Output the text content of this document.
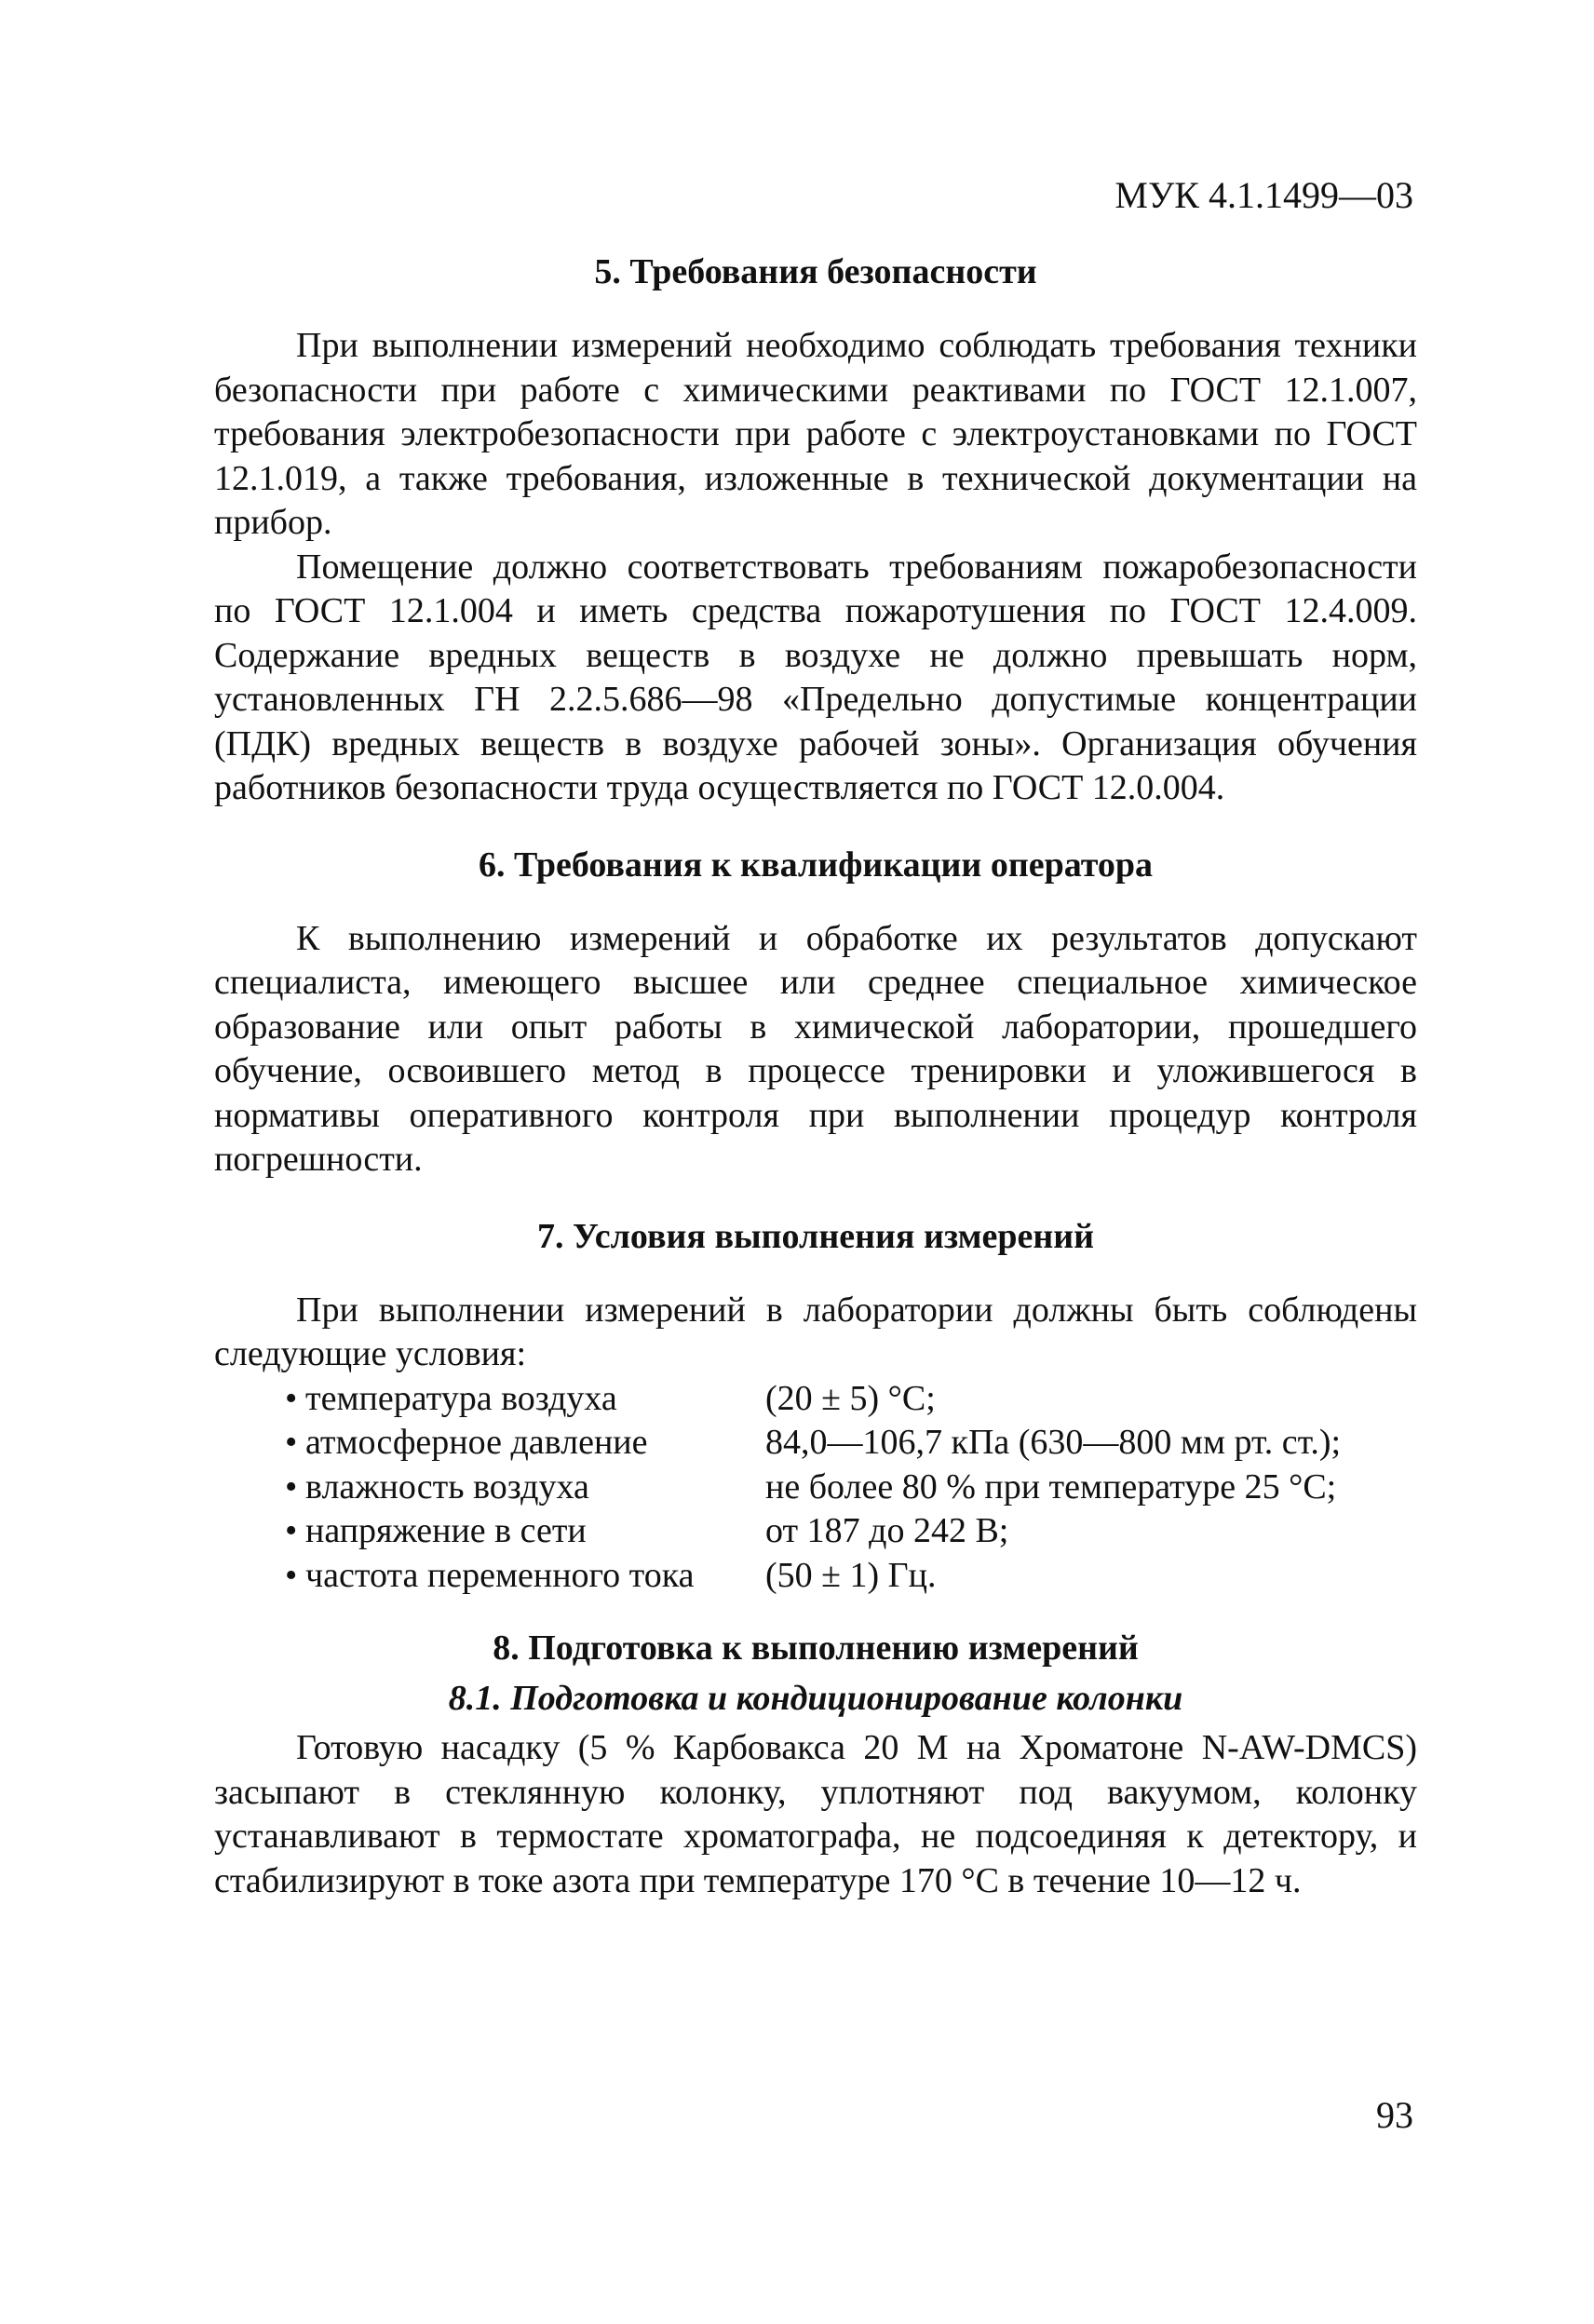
МУК 4.1.1499—03
5. Требования безопасности

При выполнении измерений необходимо соблюдать требования техники безопасности при работе с химическими реактивами по ГОСТ 12.1.007, требования электробезопасности при работе с электроустановками по ГОСТ 12.1.019, а также требования, изложенные в технической документации на прибор.

Помещение должно соответствовать требованиям пожаробезопасности по ГОСТ 12.1.004 и иметь средства пожаротушения по ГОСТ 12.4.009. Содержание вредных веществ в воздухе не должно превышать норм, установленных ГН 2.2.5.686—98 «Предельно допустимые концентрации (ПДК) вредных веществ в воздухе рабочей зоны». Организация обучения работников безопасности труда осуществляется по ГОСТ 12.0.004.

6. Требования к квалификации оператора

К выполнению измерений и обработке их результатов допускают специалиста, имеющего высшее или среднее специальное химическое образование или опыт работы в химической лаборатории, прошедшего обучение, освоившего метод в процессе тренировки и уложившегося в нормативы оперативного контроля при выполнении процедур контроля погрешности.

7. Условия выполнения измерений

При выполнении измерений в лаборатории должны быть соблюдены следующие условия:

• температура воздуха	(20 ± 5) °С;
• атмосферное давление	84,0—106,7 кПа (630—800 мм рт. ст.);
• влажность воздуха	не более 80 % при температуре 25 °С;
• напряжение в сети	от 187 до 242 В;
• частота переменного тока	(50 ± 1) Гц.
8. Подготовка к выполнению измерений
8.1. Подготовка и кондиционирование колонки

Готовую насадку (5 % Карбовакса 20 М на Хроматоне N-AW-DMCS) засыпают в стеклянную колонку, уплотняют под вакуумом, колонку устанавливают в термостате хроматографа, не подсоединяя к детектору, и стабилизируют в токе азота при температуре 170 °С в течение 10—12 ч.

93
